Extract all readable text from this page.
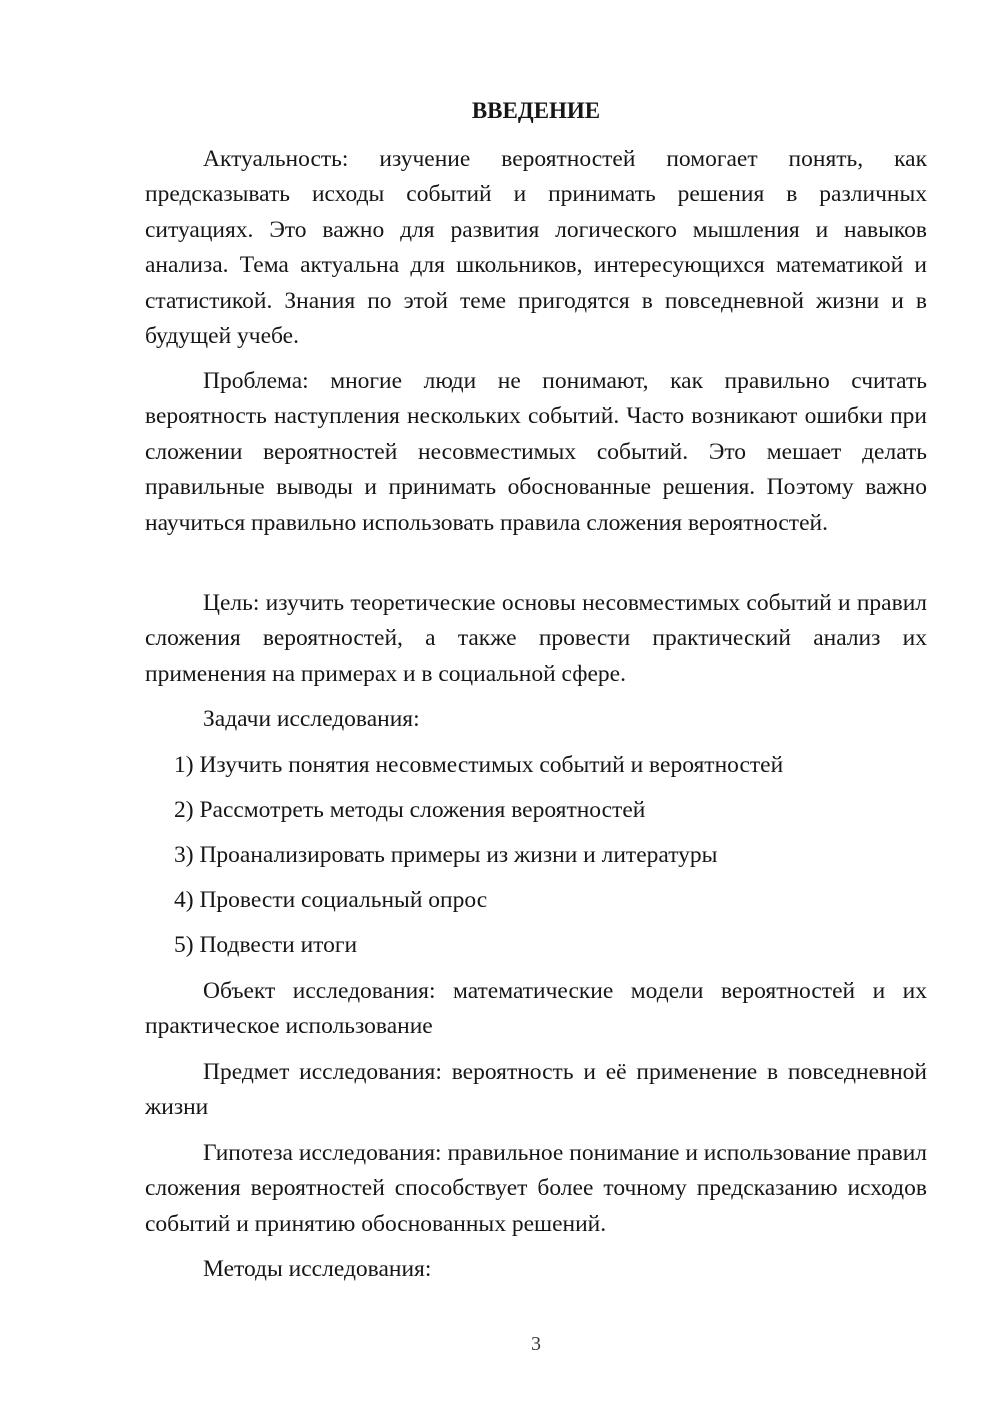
ВВЕДЕНИЕ

Актуальность: изучение вероятностей помогает понять, как предсказывать исходы событий и принимать решения в различных ситуациях. Это важно для развития логического мышления и навыков анализа. Тема актуальна для школьников, интересующихся математикой и статистикой. Знания по этой теме пригодятся в повседневной жизни и в будущей учебе.

Проблема: многие люди не понимают, как правильно считать вероятность наступления нескольких событий. Часто возникают ошибки при сложении вероятностей несовместимых событий. Это мешает делать правильные выводы и принимать обоснованные решения. Поэтому важно научиться правильно использовать правила сложения вероятностей.

Цель: изучить теоретические основы несовместимых событий и правил сложения вероятностей, а также провести практический анализ их применения на примерах и в социальной сфере.

Задачи исследования:

1) Изучить понятия несовместимых событий и вероятностей

2) Рассмотреть методы сложения вероятностей

3) Проанализировать примеры из жизни и литературы

4) Провести социальный опрос

5) Подвести итоги

Объект исследования: математические модели вероятностей и их практическое использование

Предмет исследования: вероятность и её применение в повседневной жизни

Гипотеза исследования: правильное понимание и использование правил сложения вероятностей способствует более точному предсказанию исходов событий и принятию обоснованных решений.

Методы исследования:

3
